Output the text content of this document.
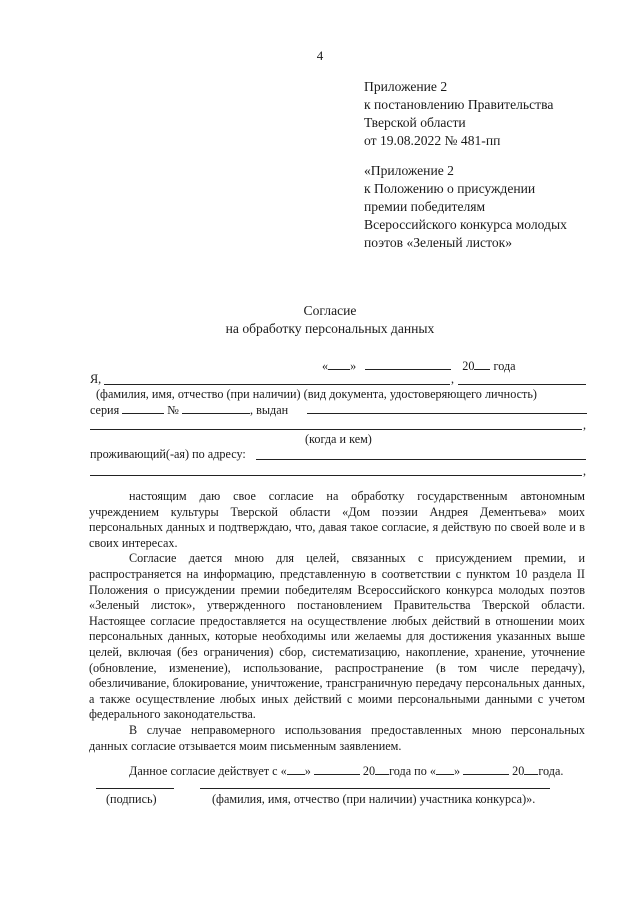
4
Приложение 2
к постановлению Правительства
Тверской области
от 19.08.2022 № 481-пп
«Приложение 2
к Положению о присуждении
премии победителям
Всероссийского конкурса молодых
поэтов «Зеленый листок»
Согласие
на обработку персональных данных
« »	20 года
Я,	,
(фамилия, имя, отчество (при наличии) (вид документа, удостоверяющего личность)
серия	№	, выдан
,
(когда и кем)
проживающий(-ая) по адресу:
,

настоящим даю свое согласие на обработку государственным автономным учреждением культуры Тверской области «Дом поэзии Андрея Дементьева» моих персональных данных и подтверждаю, что, давая такое согласие, я действую по своей воле и в своих интересах.

Согласие дается мною для целей, связанных с присуждением премии, и распространяется на информацию, представленную в соответствии с пунктом 10 раздела II Положения о присуждении премии победителям Всероссийского конкурса молодых поэтов «Зеленый листок», утвержденного постановлением Правительства Тверской области. Настоящее согласие предоставляется на осуществление любых действий в отношении моих персональных данных, которые необходимы или желаемы для достижения указанных выше целей, включая (без ограничения) сбор, систематизацию, накопление, хранение, уточнение (обновление, изменение), использование, распространение (в том числе передачу), обезличивание, блокирование, уничтожение, трансграничную передачу персональных данных, а также осуществление любых иных действий с моими персональными данными с учетом федерального законодательства.

В случае неправомерного использования предоставленных мною персональных данных согласие отзывается моим письменным заявлением.

Данное согласие действует с « »	20 года по « »	20 года.
(подпись)	(фамилия, имя, отчество (при наличии) участника конкурса)».
